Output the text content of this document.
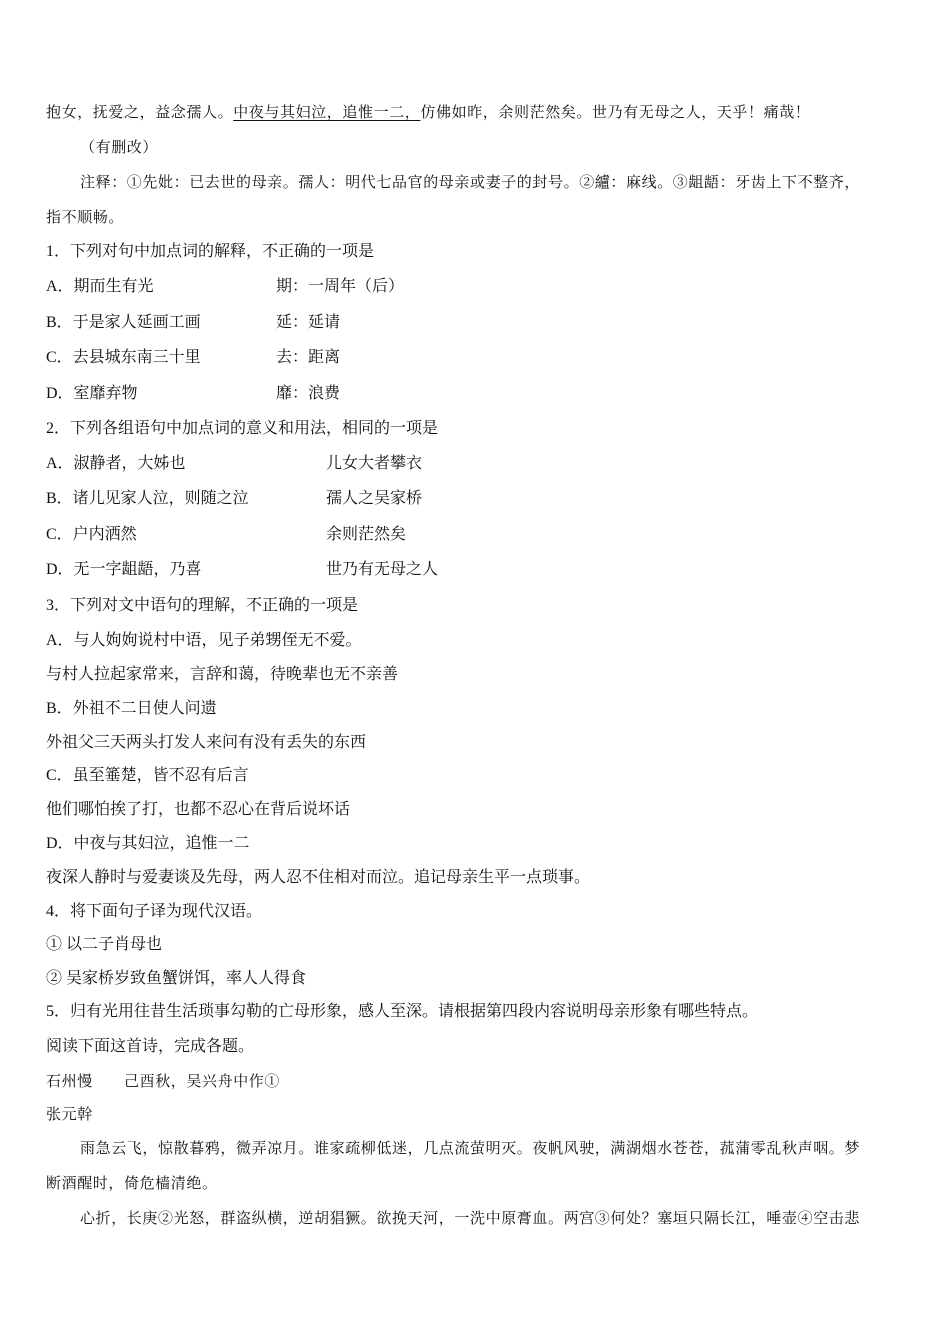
抱女，抚爱之，益念孺人。中夜与其妇泣，追惟一二，仿佛如昨，余则茫然矣。世乃有无母之人，天乎！痛哉！
（有删改）
注释：①先妣：已去世的母亲。孺人：明代七品官的母亲或妻子的封号。②纑：麻线。③龃龉：牙齿上下不整齐，
指不顺畅。
1．下列对句中加点词的解释，不正确的一项是
A．期而生有光	期：一周年（后）
B．于是家人延画工画	延：延请
C．去县城东南三十里	去：距离
D．室靡弃物	靡：浪费
2．下列各组语句中加点词的意义和用法，相同的一项是
A．淑静者，大姊也	儿女大者攀衣
B．诸儿见家人泣，则随之泣	孺人之吴家桥
C．户内洒然	余则茫然矣
D．无一字龃龉，乃喜	世乃有无母之人
3．下列对文中语句的理解，不正确的一项是
A．与人姁姁说村中语，见子弟甥侄无不爱。
与村人拉起家常来，言辞和蔼，待晚辈也无不亲善
B．外祖不二日使人问遗
外祖父三天两头打发人来问有没有丢失的东西
C．虽至箠楚，皆不忍有后言
他们哪怕挨了打，也都不忍心在背后说坏话
D．中夜与其妇泣，追惟一二
夜深人静时与爱妻谈及先母，两人忍不住相对而泣。追记母亲生平一点琐事。
4．将下面句子译为现代汉语。
① 以二子肖母也
② 吴家桥岁致鱼蟹饼饵，率人人得食
5．归有光用往昔生活琐事勾勒的亡母形象，感人至深。请根据第四段内容说明母亲形象有哪些特点。
阅读下面这首诗，完成各题。
石州慢　　己酉秋，吴兴舟中作①
张元幹
雨急云飞，惊散暮鸦，微弄凉月。谁家疏柳低迷，几点流萤明灭。夜帆风驶，满湖烟水苍苍，菰蒲零乱秋声咽。梦
断酒醒时，倚危樯清绝。
心折，长庚②光怒，群盗纵横，逆胡猖獗。欲挽天河，一洗中原膏血。两宫③何处？塞垣只隔长江，唾壶④空击悲
